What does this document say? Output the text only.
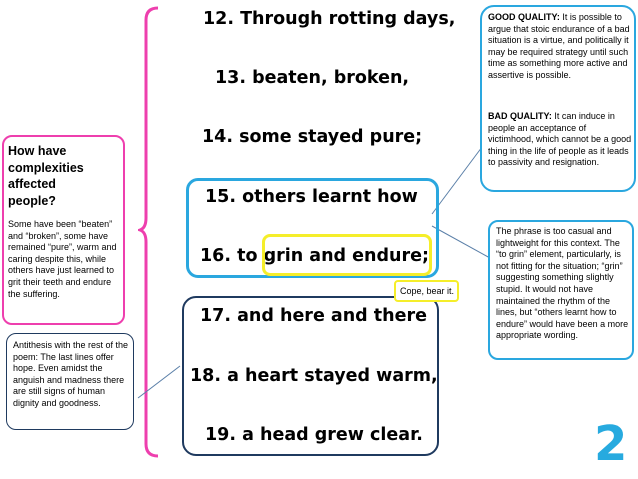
12. Through rotting days,
13. beaten, broken,
14. some stayed pure;
15. others learnt how
16. to grin and endure;
17. and here and there
18. a heart stayed warm,
19. a head grew clear.
Cope, bear it.
How have complexities affected people?
Some have been “beaten” and “broken”, some have remained “pure”, warm and caring despite this, while others have just learned to grit their teeth and endure the suffering.
Antithesis with the rest of the poem: The last lines offer hope. Even amidst the anguish and madness there are still signs of human dignity and goodness.
GOOD QUALITY: It is possible to argue that stoic endurance of a bad situation is a virtue, and politically it may be required strategy until such time as something more active and assertive is possible.
BAD QUALITY: It can induce in people an acceptance of victimhood, which cannot be a good thing in the life of people as it leads to passivity and resignation.
The phrase is too casual and lightweight for this context. The “to grin” element, particularly, is not fitting for the situation; “grin” suggesting something slightly stupid. It would not have maintained the rhythm of the lines, but “others learnt how to endure” would have been a more appropriate wording.
2
